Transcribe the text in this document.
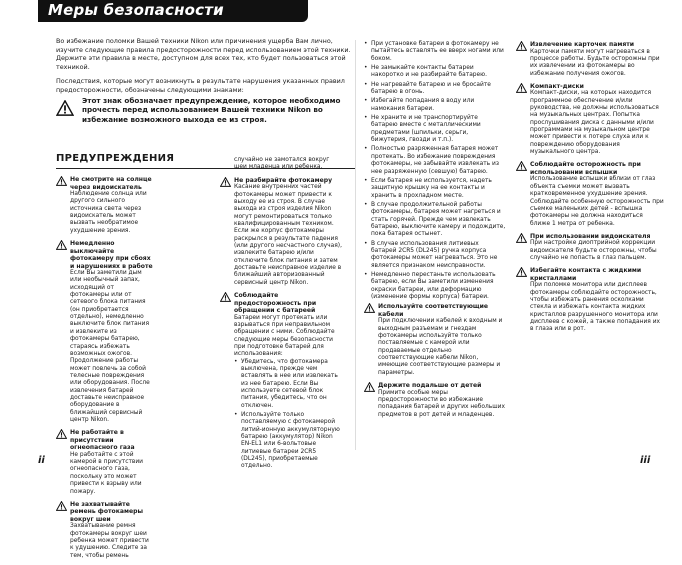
Меры безопасности

Во избежание поломки Вашей техники Nikon или причинения ущерба Вам лично, изучите следующие правила предосторожности перед использованием этой техники. Держите эти правила в месте, доступном для всех тех, кто будет пользоваться этой техникой.

Последствия, которые могут возникнуть в результате нарушения указанных правил предосторожности, обозначены следующими знаками:

Этот знак обозначает предупреждение, которое необходимо прочесть перед использованием Вашей техники Nikon во избежание возможного выхода ее из строя.
ПРЕДУПРЕЖДЕНИЯ
Не смотрите на солнце через видоискатель

Наблюдение солнца или другого сильного источника света через видоискатель может вызвать необратимое ухудшение зрения.

Немедленно выключайте фотокамеру при сбоях и нарушениях в работе

Если Вы заметили дым или необычный запах, исходящий от фотокамеры или от сетевого блока питания (он приобретается отдельно), немедленно выключите блок питания и извлеките из фотокамеры батарею, стараясь избежать возможных ожогов. Продолжение работы может повлечь за собой телесные повреждения или оборудования. После извлечения батарей доставьте неисправное оборудование в ближайший сервисный центр Nikon.

Не работайте в присутствии огнеопасного газа

Не работайте с этой камерой в присутствии огнеопасного газа, поскольку это может привести к взрыву или пожару.

Не захватывайте ремень фотокамеры вокруг шеи

Захватывание ремня фотокамеры вокруг шеи ребенка может привести к удушению. Следите за тем, чтобы ремень

случайно не замотался вокруг шеи младенца или ребенка.

Не разбирайте фотокамеру

Касание внутренних частей фотокамеры может привести к выходу ее из строя. В случае выхода из строя изделия Nikon могут ремонтироваться только квалифицированным техником. Если же корпус фотокамеры раскрылся в результате падения (или другого несчастного случая), извлеките батарею и/или отключите блок питания и затем доставьте неисправное изделие в ближайший авторизованный сервисный центр Nikon.

Соблюдайте предосторожность при обращении с батареей

Батареи могут протекать или взрываться при неправильном обращении с ними. Соблюдайте следующие меры безопасности при подготовке батарей для использования:

• Убедитесь, что фотокамера выключена, прежде чем вставлять в нее или извлекать из нее батарею. Если Вы используете сетевой блок питания, убедитесь, что он отключен.
• Используйте только поставляемую с фотокамерой литий-ионную аккумуляторную батарею (аккумулятор) Nikon EN-EL1 или 6-вольтовые литиевые батареи 2CR5 (DL245), приобретаемые отдельно.
• При установке батареи в фотокамеру не пытайтесь вставлять ее вверх ногами или боком.
• Не замыкайте контакты батареи накоротко и не разбирайте батарею.
• Не нагревайте батарею и не бросайте батарею в огонь.
• Избегайте попадания в воду или намокания батареи.
• Не храните и не транспортируйте батарею вместе с металлическими предметами (шпильки, серьги, бижутерия, гвозди и т.п.).
• Полностью разряженная батарея может протекать. Во избежание повреждения фотокамеры, не забывайте извлекать из нее разряженную (севшую) батарею.
• Если батарея не используется, надеть защитную крышку на ее контакты и хранить в прохладном месте.
• В случае продолжительной работы фотокамеры, батарея может нагреться и стать горячей. Прежде чем извлекать батарею, выключите камеру и подождите, пока батарея остынет.
• В случае использования литиевых батарей 2CR5 (DL245) ручка корпуса фотокамеры может нагреваться. Это не является признаком неисправности.
• Немедленно перестаньте использовать батарею, если Вы заметили изменения окраски батареи, или деформацию (изменение формы корпуса) батареи.
Используйте соответствующие кабели

При подключении кабелей к входным и выходным разъемам и гнездам фотокамеры используйте только поставляемые с камерой или продаваемые отдельно соответствующие кабели Nikon, имеющие соответствующие размеры и параметры.

Держите подальше от детей

Примите особые меры предосторожности во избежание попадания батарей и других небольших предметов в рот детей и младенцев.

Извлечение карточек памяти

Карточки памяти могут нагреваться в процессе работы. Будьте осторожны при их извлечении из фотокамеры во избежание получения ожогов.

Компакт-диски

Компакт-диски, на которых находится программное обеспечение и/или руководства, не должны использоваться на музыкальных центрах. Попытка прослушивания диска с данными и/или программами на музыкальном центре может привести к потере слуха или к повреждению оборудования музыкального центра.

Соблюдайте осторожность при использовании вспышки

Использование вспышки вблизи от глаз объекта съемки может вызвать кратковременное ухудшение зрения. Соблюдайте особенную осторожность при съемке маленьких детей - вспышка фотокамеры не должна находиться ближе 1 метра от ребенка.

При использовании видоискателя

При настройке диоптрийной коррекции видоискателя будьте осторожны, чтобы случайно не попасть в глаз пальцем.

Избегайте контакта с жидкими кристаллами

При поломке монитора или дисплеев фотокамеры соблюдайте осторожность, чтобы избежать ранения осколками стекла и избежать контакта жидких кристаллов разрушенного монитора или дисплеев с кожей, а также попадания их в глаза или в рот.

ii	iii
